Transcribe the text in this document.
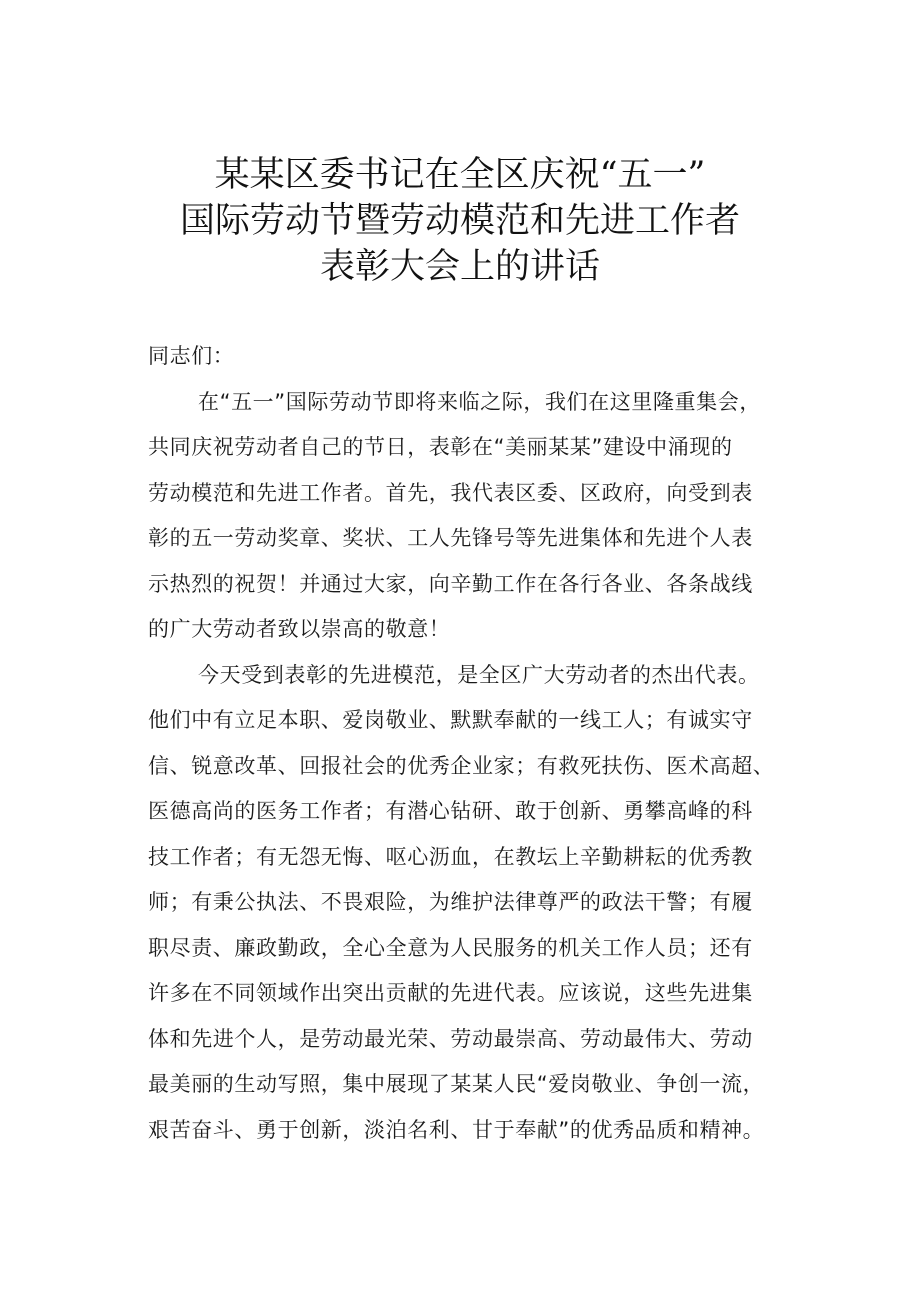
某某区委书记在全区庆祝“五一”
国际劳动节暨劳动模范和先进工作者
表彰大会上的讲话

同志们：

在“五一”国际劳动节即将来临之际，我们在这里隆重集会，
共同庆祝劳动者自己的节日，表彰在“美丽某某”建设中涌现的
劳动模范和先进工作者。首先，我代表区委、区政府，向受到表
彰的五一劳动奖章、奖状、工人先锋号等先进集体和先进个人表
示热烈的祝贺！并通过大家，向辛勤工作在各行各业、各条战线
的广大劳动者致以崇高的敬意！
今天受到表彰的先进模范，是全区广大劳动者的杰出代表。
他们中有立足本职、爱岗敬业、默默奉献的一线工人；有诚实守
信、锐意改革、回报社会的优秀企业家；有救死扶伤、医术高超、
医德高尚的医务工作者；有潜心钻研、敢于创新、勇攀高峰的科
技工作者；有无怨无悔、呕心沥血，在教坛上辛勤耕耘的优秀教
师；有秉公执法、不畏艰险，为维护法律尊严的政法干警；有履
职尽责、廉政勤政，全心全意为人民服务的机关工作人员；还有
许多在不同领域作出突出贡献的先进代表。应该说，这些先进集
体和先进个人，是劳动最光荣、劳动最崇高、劳动最伟大、劳动
最美丽的生动写照，集中展现了某某人民“爱岗敬业、争创一流，
艰苦奋斗、勇于创新，淡泊名利、甘于奉献”的优秀品质和精神。
